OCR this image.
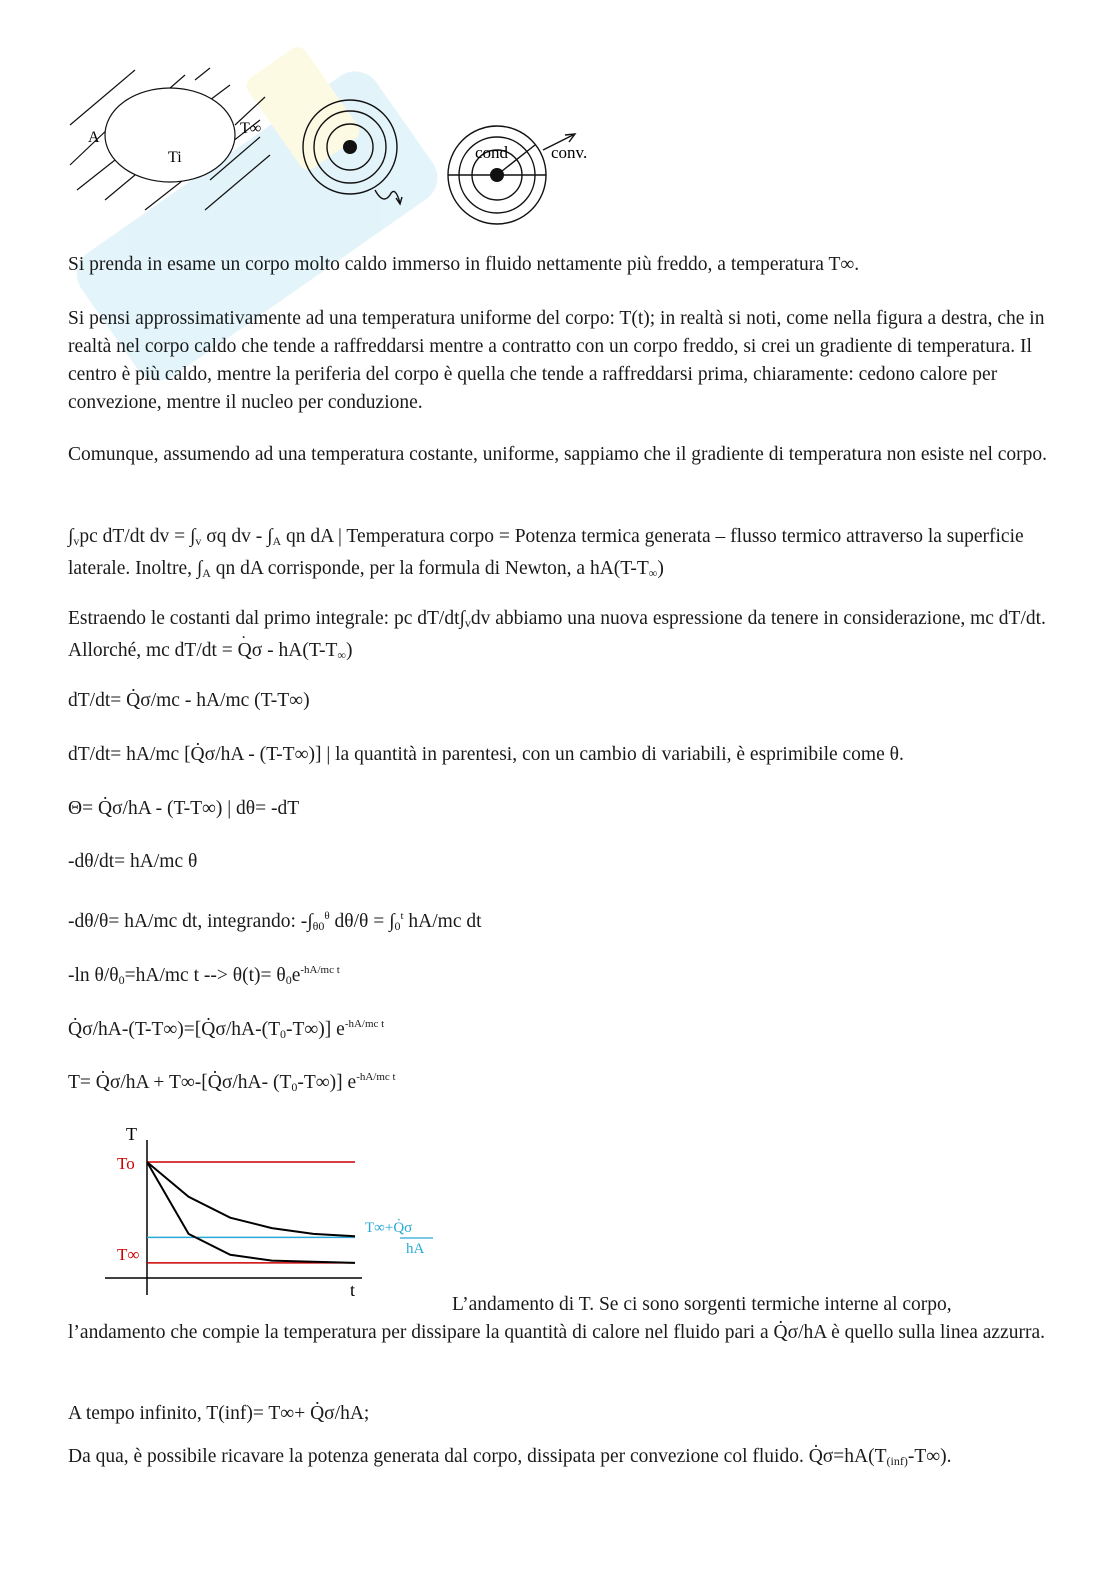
A
Ti
T∞
cond	conv.

Si prenda in esame un corpo molto caldo immerso in fluido nettamente più freddo, a temperatura T∞.

Si pensi approssimativamente ad una temperatura uniforme del corpo: T(t); in realtà si noti, come nella figura a destra, che in realtà nel corpo caldo che tende a raffreddarsi mentre a contratto con un corpo freddo, si crei un gradiente di temperatura. Il centro è più caldo, mentre la periferia del corpo è quella che tende a raffreddarsi prima, chiaramente: cedono calore per convezione, mentre il nucleo per conduzione.

Comunque, assumendo ad una temperatura costante, uniforme, sappiamo che il gradiente di temperatura non esiste nel corpo.

$\int_vpc$ dT/dt dv = $\int_v$ σq dv - $\int_A$ qn dA | Temperatura corpo = Potenza termica generata – flusso termico attraverso la superficie laterale. Inoltre, $\int_A$ qn dA corrisponde, per la formula di Newton, a $hA(T-T_\infty)$

Estraendo le costanti dal primo integrale: pc $dT/dt\int_vdv$ abbiamo una nuova espressione da tenere in considerazione, mc dT/dt. Allorché, mc dT/dt = ˙ Qσ - $hA(T-T_\infty)$

dT/dt= Q̇σ/mc - hA/mc (T-T∞)

dT/dt= hA/mc [Q̇σ/hA - (T-T∞)] | la quantità in parentesi, con un cambio di variabili, è esprimibile come θ.

Θ= Q̇σ/hA - (T-T∞) | dθ= -dT

-dθ/dt= hA/mc θ

-dθ/θ= hA/mc dt, integrando: $-\int_{\theta 0}^\theta$ $d\theta/\theta = \int_0^t$ hA/mc dt

-ln $\theta/\theta_0=hA/mc$ t --> $\theta(t)= \theta_0e^{-hA/mc t}$

$Q̇\sigma/hA-(T-T\infty)=[Q̇\sigma/hA-(T_0-T\infty)]$ $e^{-hA/mc t}$

T= Q̇σ/hA + T∞-[Q̇σ/hA- $(T_0-T\infty)$] $e^{-hA/mc t}$

T
t
To
T∞
T∞+Q̇σ
hA

L’andamento di T. Se ci sono sorgenti termiche interne al corpo, l’andamento che compie la temperatura per dissipare la quantità di calore nel fluido pari a Q̇σ/hA è quello sulla linea azzurra.

A tempo infinito, T(inf)= T∞+ Q̇σ/hA;

Da qua, è possibile ricavare la potenza generata dal corpo, dissipata per convezione col fluido. $Q̇\sigma=hA(T_{(inf)}-T\infty)$.
